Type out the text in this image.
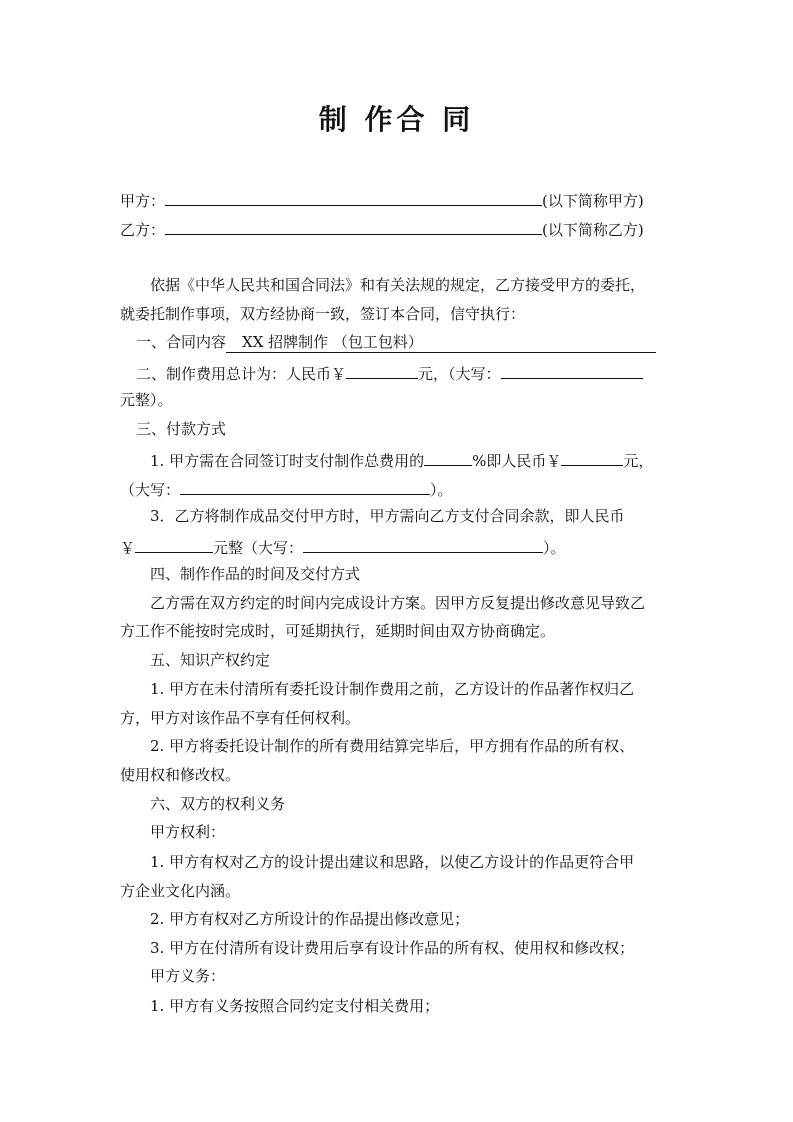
制 作合 同
甲方：	(以下简称甲方)
乙方：	(以下简称乙方)
依据《中华人民共和国合同法》和有关法规的规定，乙方接受甲方的委托，
就委托制作事项，双方经协商一致，签订本合同，信守执行：
一、合同内容 XX 招牌制作 （包工包料）
二、制作费用总计为：人民币￥	元，（大写：
元整）。
三、付款方式
1. 甲方需在合同签订时支付制作总费用的	%即人民币￥	元，
（大写：	）。
3．乙方将制作成品交付甲方时，甲方需向乙方支付合同余款，即人民币
￥	元整（大写：	）。
四、制作作品的时间及交付方式
乙方需在双方约定的时间内完成设计方案。因甲方反复提出修改意见导致乙
方工作不能按时完成时，可延期执行，延期时间由双方协商确定。
五、知识产权约定
1. 甲方在未付清所有委托设计制作费用之前，乙方设计的作品著作权归乙
方，甲方对该作品不享有任何权利。
2. 甲方将委托设计制作的所有费用结算完毕后，甲方拥有作品的所有权、
使用权和修改权。
六、双方的权利义务
甲方权利：
1. 甲方有权对乙方的设计提出建议和思路，以使乙方设计的作品更符合甲
方企业文化内涵。
2. 甲方有权对乙方所设计的作品提出修改意见；
3. 甲方在付清所有设计费用后享有设计作品的所有权、使用权和修改权；
甲方义务：
1. 甲方有义务按照合同约定支付相关费用；
